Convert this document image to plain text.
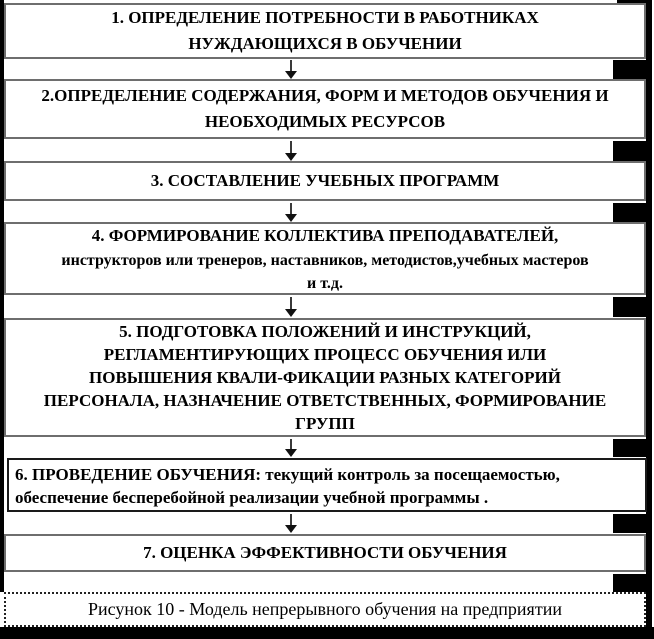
1. ОПРЕДЕЛЕНИЕ ПОТРЕБНОСТИ В РАБОТНИКАХ
НУЖДАЮЩИХСЯ В ОБУЧЕНИИ
2.ОПРЕДЕЛЕНИЕ СОДЕРЖАНИЯ, ФОРМ И МЕТОДОВ ОБУЧЕНИЯ И
НЕОБХОДИМЫХ РЕСУРСОВ
3. СОСТАВЛЕНИЕ УЧЕБНЫХ ПРОГРАММ
4. ФОРМИРОВАНИЕ КОЛЛЕКТИВА ПРЕПОДАВАТЕЛЕЙ,
инструкторов или тренеров, наставников, методистов,учебных мастеров
и т.д.
5. ПОДГОТОВКА ПОЛОЖЕНИЙ И ИНСТРУКЦИЙ,
РЕГЛАМЕНТИРУЮЩИХ ПРОЦЕСС ОБУЧЕНИЯ ИЛИ
ПОВЫШЕНИЯ КВАЛИ-ФИКАЦИИ РАЗНЫХ КАТЕГОРИЙ
ПЕРСОНАЛА, НАЗНАЧЕНИЕ ОТВЕТСТВЕННЫХ, ФОРМИРОВАНИЕ
ГРУПП
6. ПРОВЕДЕНИЕ ОБУЧЕНИЯ: текущий контроль за посещаемостью, обеспечение бесперебойной реализации учебной программы .
7. ОЦЕНКА ЭФФЕКТИВНОСТИ ОБУЧЕНИЯ
Рисунок 10 - Модель непрерывного обучения на предприятии
